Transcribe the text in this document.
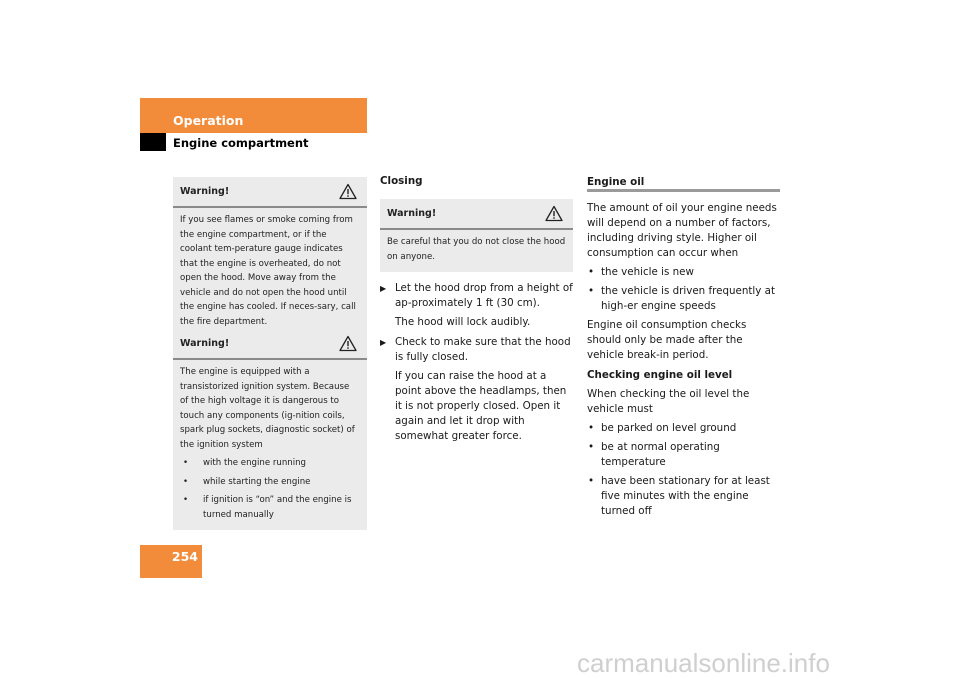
Operation
Engine compartment
Warning!
If you see flames or smoke coming from the engine compartment, or if the coolant tem-perature gauge indicates that the engine is overheated, do not open the hood. Move away from the vehicle and do not open the hood until the engine has cooled. If neces-sary, call the fire department.
Warning!
The engine is equipped with a transistorized ignition system. Because of the high voltage it is dangerous to touch any components (ig-nition coils, spark plug sockets, diagnostic socket) of the ignition system
• with the engine running
• while starting the engine
• if ignition is “on” and the engine is turned manually
Closing
Warning!
Be careful that you do not close the hood on anyone.
▶ Let the hood drop from a height of ap-proximately 1 ft (30 cm).
The hood will lock audibly.
▶ Check to make sure that the hood is fully closed.
If you can raise the hood at a point above the headlamps, then it is not properly closed. Open it again and let it drop with somewhat greater force.
Engine oil
The amount of oil your engine needs will depend on a number of factors, including driving style. Higher oil consumption can occur when
• the vehicle is new
• the vehicle is driven frequently at high-er engine speeds
Engine oil consumption checks should only be made after the vehicle break-in period.
Checking engine oil level
When checking the oil level the vehicle must
• be parked on level ground
• be at normal operating temperature
• have been stationary for at least five minutes with the engine turned off
254
carmanualsonline.info
